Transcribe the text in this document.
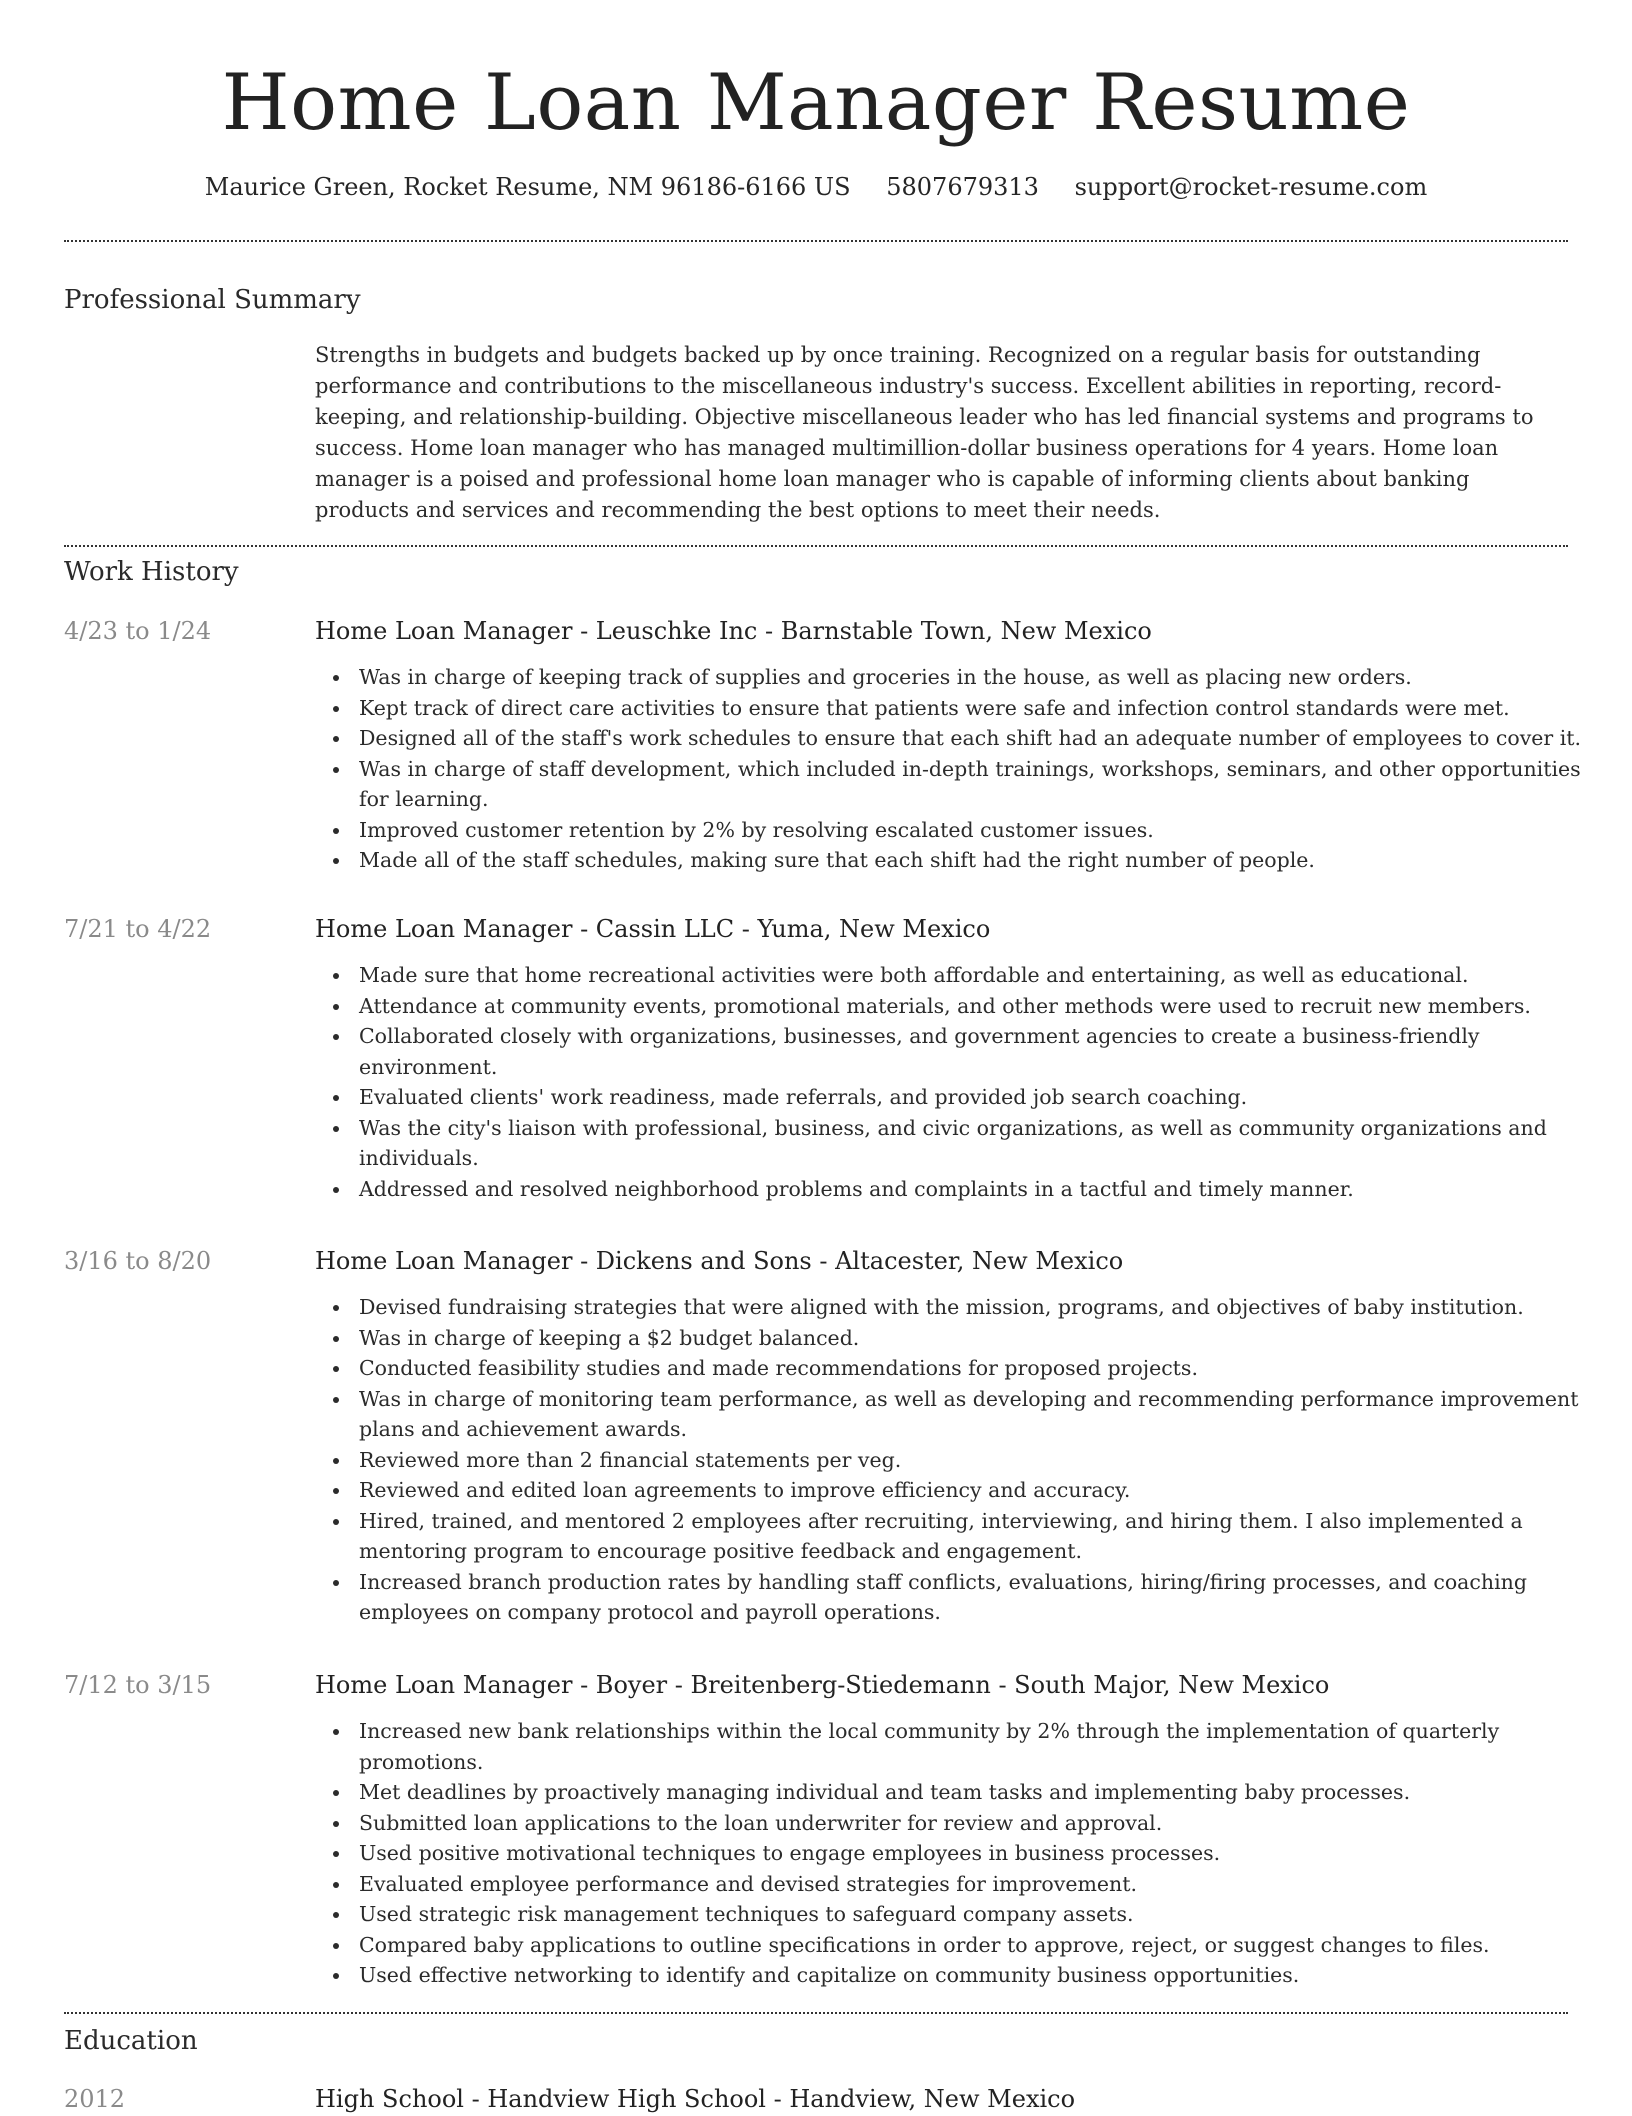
Home Loan Manager Resume
Maurice Green, Rocket Resume, NM 96186-6166 US 5807679313 support@rocket-resume.com
Professional Summary
Strengths in budgets and budgets backed up by once training. Recognized on a regular basis for outstanding performance and contributions to the miscellaneous industry's success. Excellent abilities in reporting, record-keeping, and relationship-building. Objective miscellaneous leader who has led financial systems and programs to success. Home loan manager who has managed multimillion-dollar business operations for 4 years. Home loan manager is a poised and professional home loan manager who is capable of informing clients about banking products and services and recommending the best options to meet their needs.
Work History
4/23 to 1/24	Home Loan Manager - Leuschke Inc - Barnstable Town, New Mexico
Was in charge of keeping track of supplies and groceries in the house, as well as placing new orders.
Kept track of direct care activities to ensure that patients were safe and infection control standards were met.
Designed all of the staff's work schedules to ensure that each shift had an adequate number of employees to cover it.
Was in charge of staff development, which included in-depth trainings, workshops, seminars, and other opportunities for learning.
Improved customer retention by 2% by resolving escalated customer issues.
Made all of the staff schedules, making sure that each shift had the right number of people.
7/21 to 4/22	Home Loan Manager - Cassin LLC - Yuma, New Mexico
Made sure that home recreational activities were both affordable and entertaining, as well as educational.
Attendance at community events, promotional materials, and other methods were used to recruit new members.
Collaborated closely with organizations, businesses, and government agencies to create a business-friendly environment.
Evaluated clients' work readiness, made referrals, and provided job search coaching.
Was the city's liaison with professional, business, and civic organizations, as well as community organizations and individuals.
Addressed and resolved neighborhood problems and complaints in a tactful and timely manner.
3/16 to 8/20	Home Loan Manager - Dickens and Sons - Altacester, New Mexico
Devised fundraising strategies that were aligned with the mission, programs, and objectives of baby institution.
Was in charge of keeping a $2 budget balanced.
Conducted feasibility studies and made recommendations for proposed projects.
Was in charge of monitoring team performance, as well as developing and recommending performance improvement plans and achievement awards.
Reviewed more than 2 financial statements per veg.
Reviewed and edited loan agreements to improve efficiency and accuracy.
Hired, trained, and mentored 2 employees after recruiting, interviewing, and hiring them. I also implemented a mentoring program to encourage positive feedback and engagement.
Increased branch production rates by handling staff conflicts, evaluations, hiring/firing processes, and coaching employees on company protocol and payroll operations.
7/12 to 3/15	Home Loan Manager - Boyer - Breitenberg-Stiedemann - South Major, New Mexico
Increased new bank relationships within the local community by 2% through the implementation of quarterly promotions.
Met deadlines by proactively managing individual and team tasks and implementing baby processes.
Submitted loan applications to the loan underwriter for review and approval.
Used positive motivational techniques to engage employees in business processes.
Evaluated employee performance and devised strategies for improvement.
Used strategic risk management techniques to safeguard company assets.
Compared baby applications to outline specifications in order to approve, reject, or suggest changes to files.
Used effective networking to identify and capitalize on community business opportunities.
Education
2012	High School - Handview High School - Handview, New Mexico
